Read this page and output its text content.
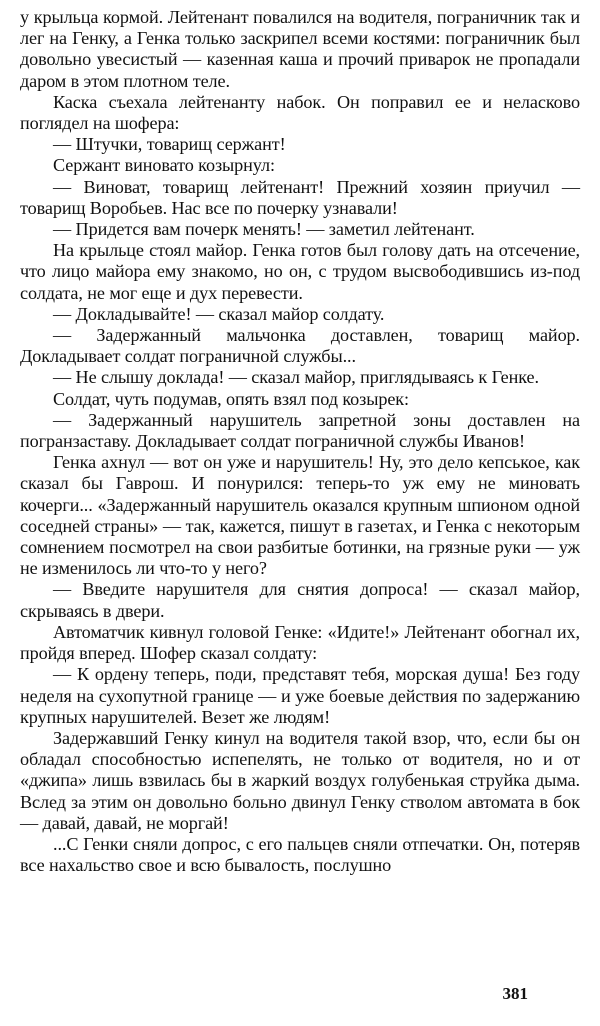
у крыльца кормой. Лейтенант повалился на водителя, пограничник так и лег на Генку, а Генка только заскрипел всеми костями: пограничник был довольно увесистый — казенная каша и прочий приварок не пропадали даром в этом плотном теле.

Каска съехала лейтенанту набок. Он поправил ее и неласково поглядел на шофера:

— Штучки, товарищ сержант!

Сержант виновато козырнул:

— Виноват, товарищ лейтенант! Прежний хозяин приучил — товарищ Воробьев. Нас все по почерку узнавали!

— Придется вам почерк менять! — заметил лейтенант.

На крыльце стоял майор. Генка готов был голову дать на отсечение, что лицо майора ему знакомо, но он, с трудом высвободившись из-под солдата, не мог еще и дух перевести.

— Докладывайте! — сказал майор солдату.

— Задержанный мальчонка доставлен, товарищ майор. Докладывает солдат пограничной службы...

— Не слышу доклада! — сказал майор, приглядываясь к Генке.

Солдат, чуть подумав, опять взял под козырек:

— Задержанный нарушитель запретной зоны доставлен на погранзаставу. Докладывает солдат пограничной службы Иванов!

Генка ахнул — вот он уже и нарушитель! Ну, это дело кепськое, как сказал бы Гаврош. И понурился: теперь-то уж ему не миновать кочерги... «Задержанный нарушитель оказался крупным шпионом одной соседней страны» — так, кажется, пишут в газетах, и Генка с некоторым сомнением посмотрел на свои разбитые ботинки, на грязные руки — уж не изменилось ли что-то у него?

— Введите нарушителя для снятия допроса! — сказал майор, скрываясь в двери.

Автоматчик кивнул головой Генке: «Идите!» Лейтенант обогнал их, пройдя вперед. Шофер сказал солдату:

— К ордену теперь, поди, представят тебя, морская душа! Без году неделя на сухопутной границе — и уже боевые действия по задержанию крупных нарушителей. Везет же людям!

Задержавший Генку кинул на водителя такой взор, что, если бы он обладал способностью испепелять, не только от водителя, но и от «джипа» лишь взвилась бы в жаркий воздух голубенькая струйка дыма. Вслед за этим он довольно больно двинул Генку стволом автомата в бок — давай, давай, не моргай!

...С Генки сняли допрос, с его пальцев сняли отпечатки. Он, потеряв все нахальство свое и всю бывалость, послушно

381
